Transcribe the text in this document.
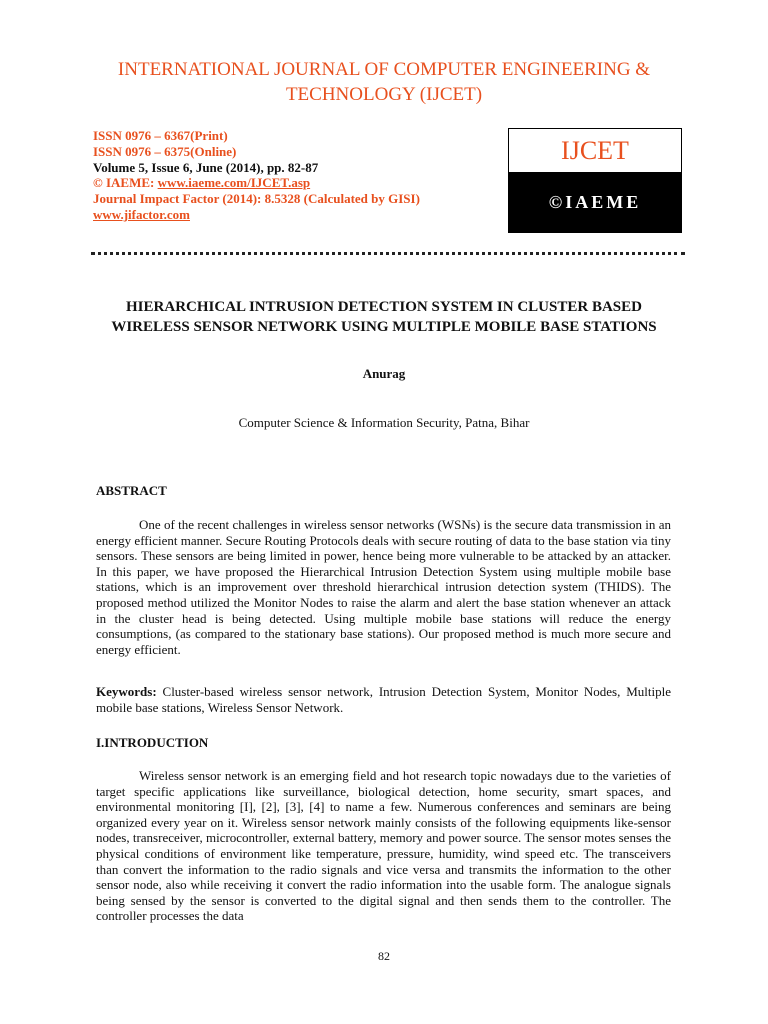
INTERNATIONAL JOURNAL OF COMPUTER ENGINEERING &
TECHNOLOGY (IJCET)
ISSN 0976 – 6367(Print)
ISSN 0976 – 6375(Online)
Volume 5, Issue 6, June (2014), pp. 82-87
© IAEME: www.iaeme.com/IJCET.asp
Journal Impact Factor (2014): 8.5328 (Calculated by GISI)
www.jifactor.com
IJCET
©IAEME
HIERARCHICAL INTRUSION DETECTION SYSTEM IN CLUSTER BASED WIRELESS SENSOR NETWORK USING MULTIPLE MOBILE BASE STATIONS
Anurag
Computer Science & Information Security, Patna, Bihar
ABSTRACT

One of the recent challenges in wireless sensor networks (WSNs) is the secure data transmission in an energy efficient manner. Secure Routing Protocols deals with secure routing of data to the base station via tiny sensors. These sensors are being limited in power, hence being more vulnerable to be attacked by an attacker. In this paper, we have proposed the Hierarchical Intrusion Detection System using multiple mobile base stations, which is an improvement over threshold hierarchical intrusion detection system (THIDS). The proposed method utilized the Monitor Nodes to raise the alarm and alert the base station whenever an attack in the cluster head is being detected. Using multiple mobile base stations will reduce the energy consumptions, (as compared to the stationary base stations). Our proposed method is much more secure and energy efficient.

Keywords: Cluster-based wireless sensor network, Intrusion Detection System, Monitor Nodes, Multiple mobile base stations, Wireless Sensor Network.

I.INTRODUCTION

Wireless sensor network is an emerging field and hot research topic nowadays due to the varieties of target specific applications like surveillance, biological detection, home security, smart spaces, and environmental monitoring [I], [2], [3], [4] to name a few. Numerous conferences and seminars are being organized every year on it. Wireless sensor network mainly consists of the following equipments like-sensor nodes, transreceiver, microcontroller, external battery, memory and power source. The sensor motes senses the physical conditions of environment like temperature, pressure, humidity, wind speed etc. The transceivers than convert the information to the radio signals and vice versa and transmits the information to the other sensor node, also while receiving it convert the radio information into the usable form. The analogue signals being sensed by the sensor is converted to the digital signal and then sends them to the controller. The controller processes the data

82
